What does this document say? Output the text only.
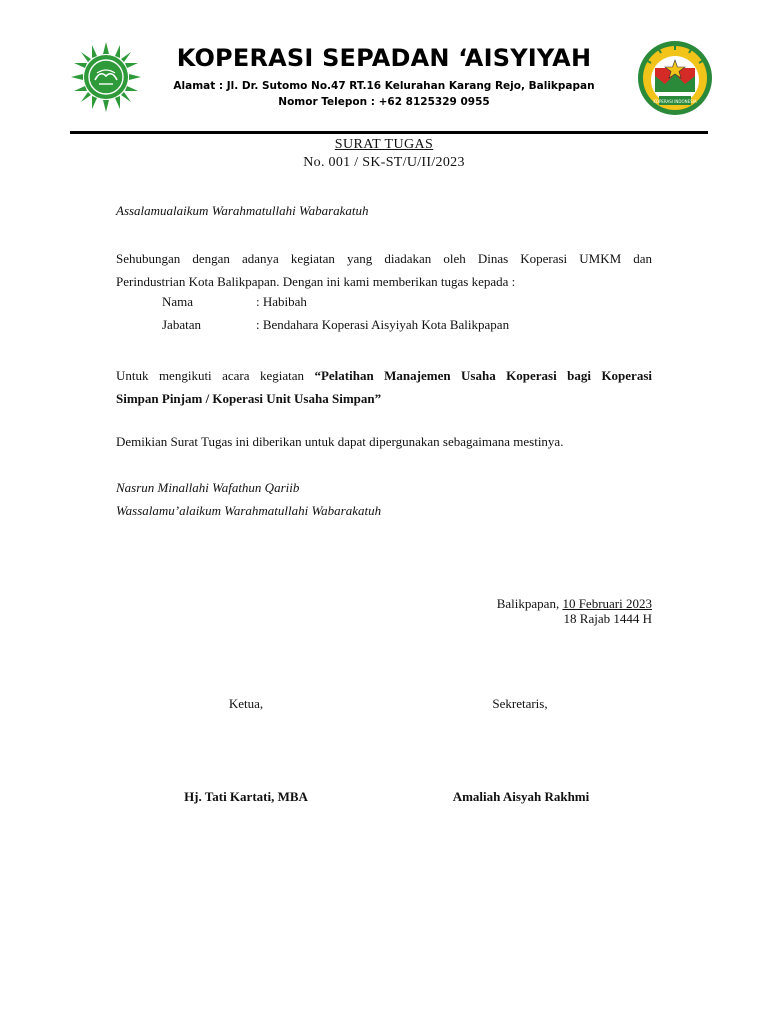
KOPERASI INDONESIA
KOPERASI SEPADAN ‘AISYIYAH
Alamat : Jl. Dr. Sutomo No.47 RT.16 Kelurahan Karang Rejo, Balikpapan
Nomor Telepon : +62 8125329 0955
SURAT TUGAS
No. 001 / SK-ST/U/II/2023
Assalamualaikum Warahmatullahi Wabarakatuh
Sehubungan dengan adanya kegiatan yang diadakan oleh Dinas Koperasi UMKM dan
Perindustrian Kota Balikpapan. Dengan ini kami memberikan tugas kepada :
Nama	: Habibah
Jabatan	: Bendahara Koperasi Aisyiyah Kota Balikpapan
Untuk mengikuti acara kegiatan “Pelatihan Manajemen Usaha Koperasi bagi Koperasi
Simpan Pinjam / Koperasi Unit Usaha Simpan”
Demikian Surat Tugas ini diberikan untuk dapat dipergunakan sebagaimana mestinya.
Nasrun Minallahi Wafathun Qariib
Wassalamu’alaikum Warahmatullahi Wabarakatuh
Balikpapan, 10 Februari 2023
18 Rajab 1444 H
Ketua,	Sekretaris,
Hj. Tati Kartati, MBA	Amaliah Aisyah Rakhmi
